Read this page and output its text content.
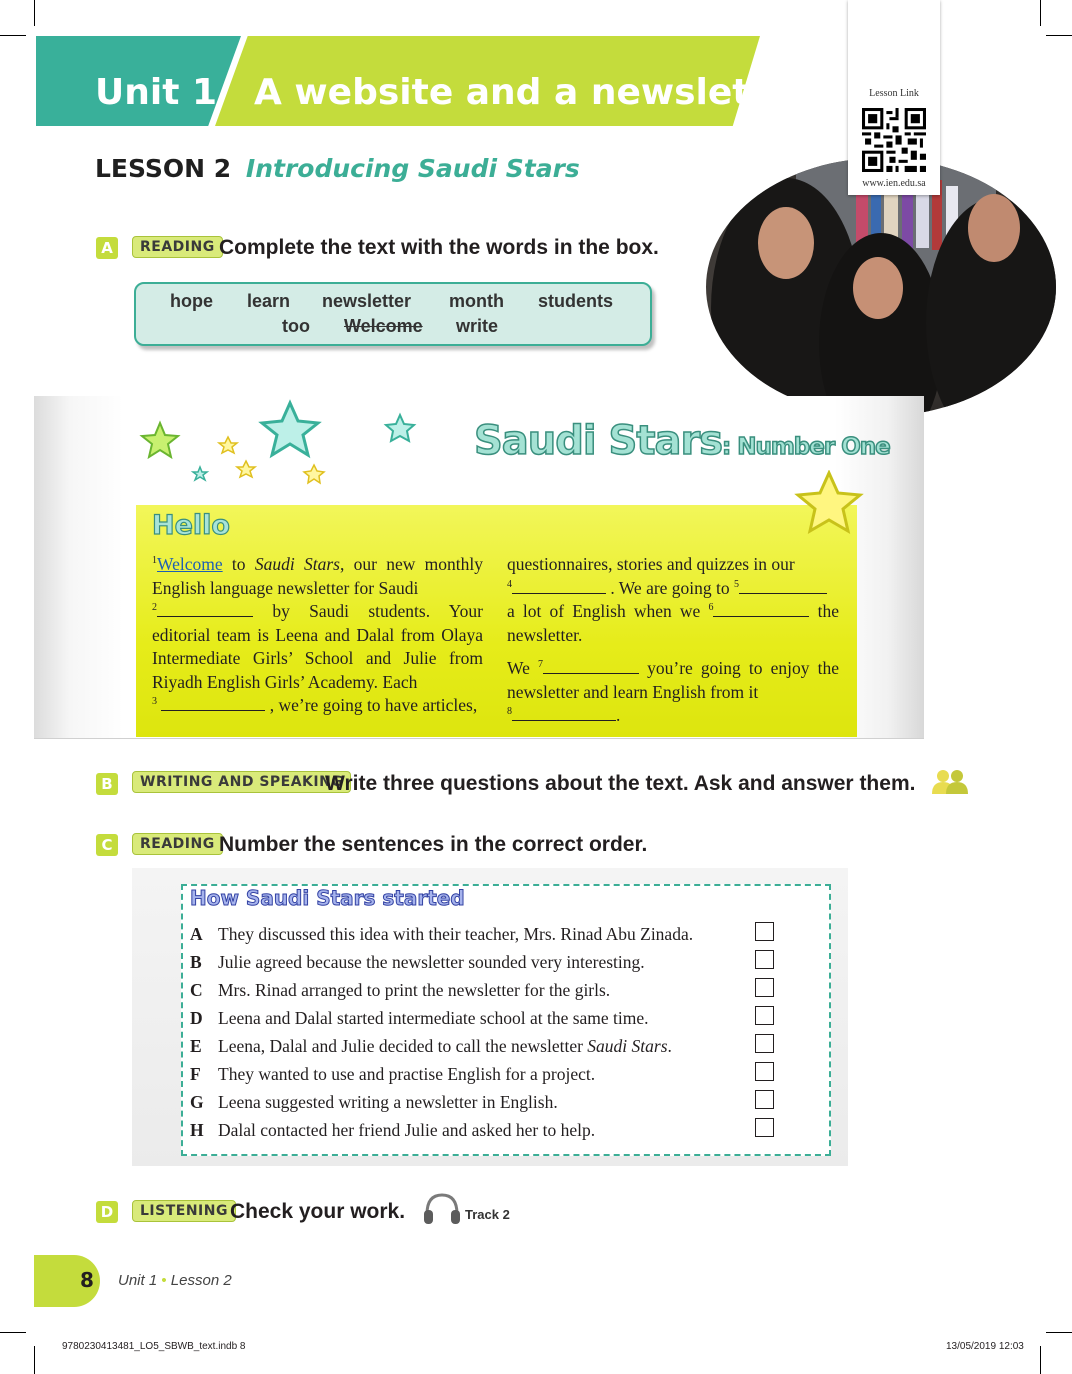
Unit 1 A website and a newsletter
LESSON 2 Introducing Saudi Stars
Lesson Link
www.ien.edu.sa
A	READING Complete the text with the words in the box.
hope learn newsletter month students
too Welcome write
Saudi Stars: Number One
Hello

$^1$Welcome to Saudi Stars, our new monthly English language newsletter for Saudi
$^2$	by Saudi students. Your editorial team is Leena and Dalal from Olaya Intermediate Girls’ School and Julie from Riyadh English Girls’ Academy. Each
$^3$	, we’re going to have articles,

questionnaires, stories and quizzes in our
$^4$	. We are going to $^5$
a lot of English when we $^6$	the newsletter.

We $^7$	you’re going to enjoy the newsletter and learn English from it
$^8$	.

B	WRITING AND SPEAKING
Write three questions about the text. Ask and answer them.
C	READING Number the sentences in the correct order.
How Saudi Stars started
A They discussed this idea with their teacher, Mrs. Rinad Abu Zinada.
B Julie agreed because the newsletter sounded very interesting.
C Mrs. Rinad arranged to print the newsletter for the girls.
D Leena and Dalal started intermediate school at the same time.
E Leena, Dalal and Julie decided to call the newsletter Saudi Stars.
F They wanted to use and practise English for a project.
G Leena suggested writing a newsletter in English.
H Dalal contacted her friend Julie and asked her to help.
D	LISTENING Check your work.	Track 2
8 Unit 1 • Lesson 2
9780230413481_LO5_SBWB_text.indb 8	13/05/2019 12:03
